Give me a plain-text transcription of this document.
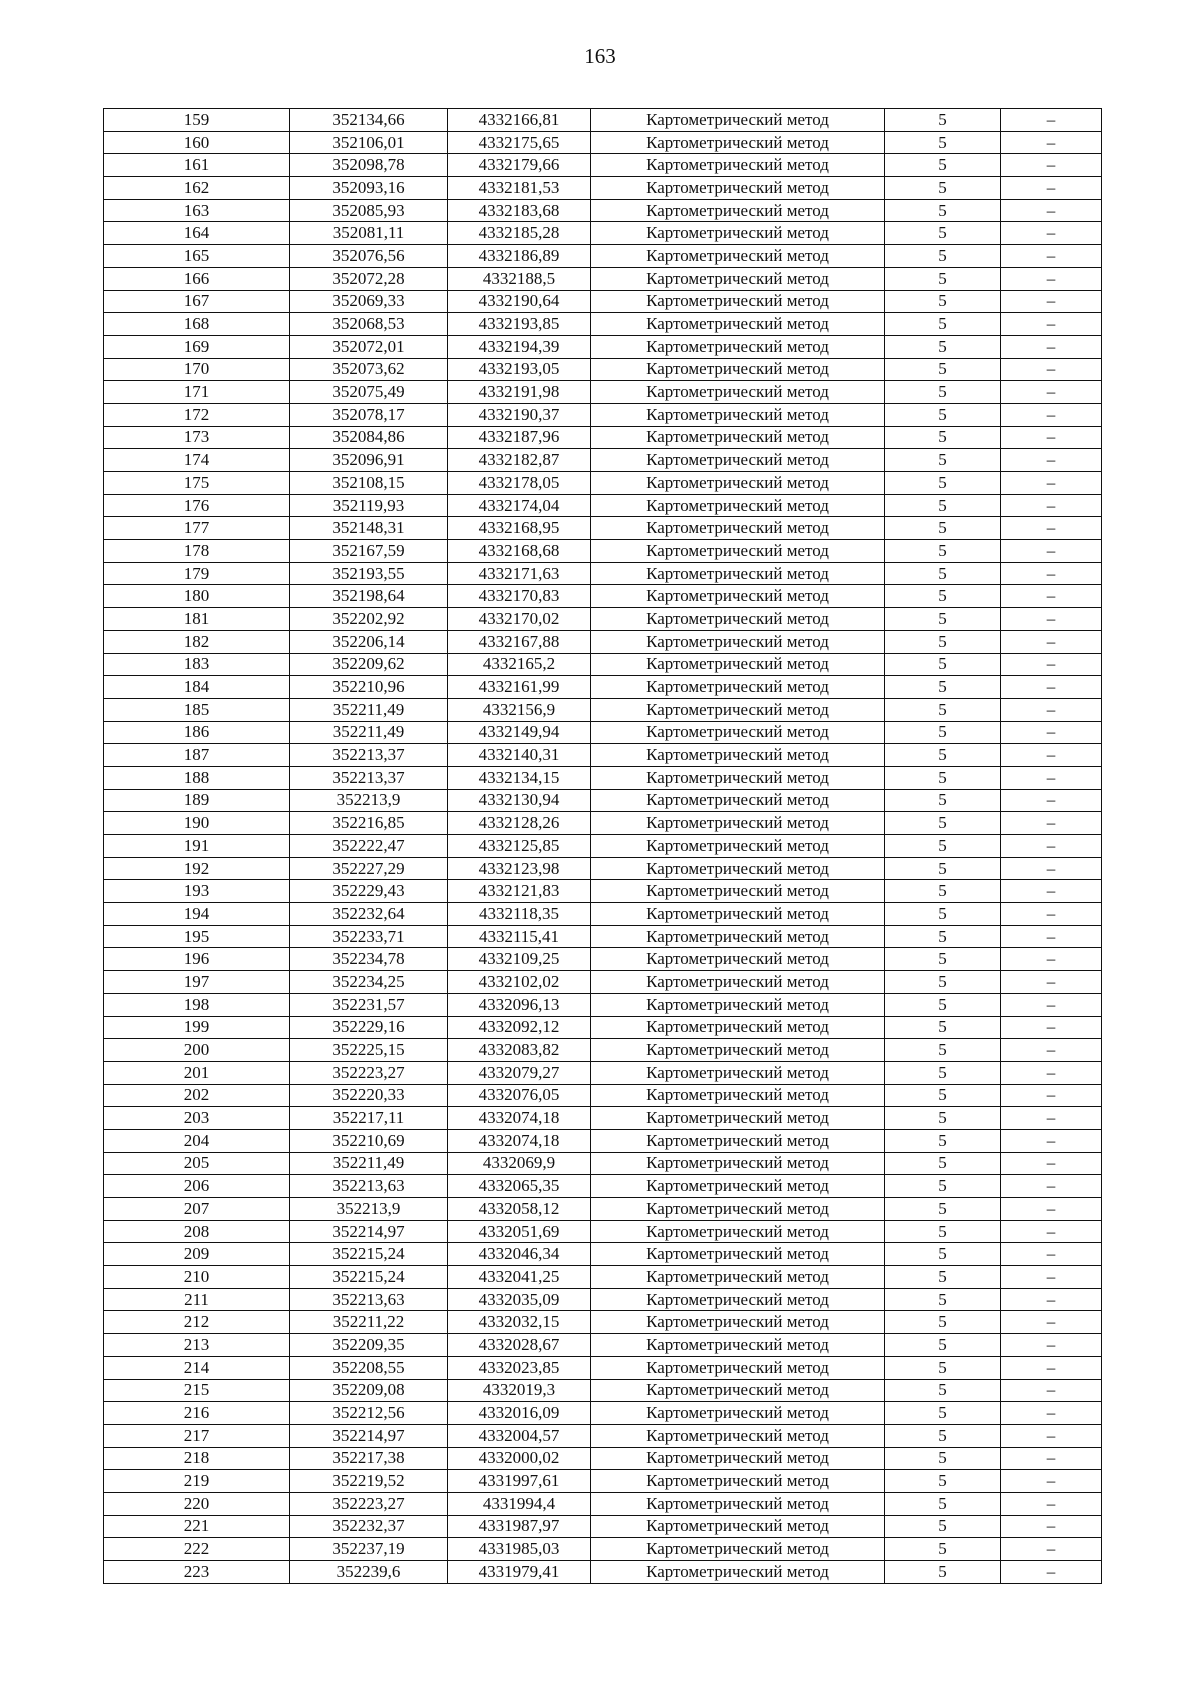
163
159	352134,66	4332166,81	Картометрический метод	5	–
160	352106,01	4332175,65	Картометрический метод	5	–
161	352098,78	4332179,66	Картометрический метод	5	–
162	352093,16	4332181,53	Картометрический метод	5	–
163	352085,93	4332183,68	Картометрический метод	5	–
164	352081,11	4332185,28	Картометрический метод	5	–
165	352076,56	4332186,89	Картометрический метод	5	–
166	352072,28	4332188,5	Картометрический метод	5	–
167	352069,33	4332190,64	Картометрический метод	5	–
168	352068,53	4332193,85	Картометрический метод	5	–
169	352072,01	4332194,39	Картометрический метод	5	–
170	352073,62	4332193,05	Картометрический метод	5	–
171	352075,49	4332191,98	Картометрический метод	5	–
172	352078,17	4332190,37	Картометрический метод	5	–
173	352084,86	4332187,96	Картометрический метод	5	–
174	352096,91	4332182,87	Картометрический метод	5	–
175	352108,15	4332178,05	Картометрический метод	5	–
176	352119,93	4332174,04	Картометрический метод	5	–
177	352148,31	4332168,95	Картометрический метод	5	–
178	352167,59	4332168,68	Картометрический метод	5	–
179	352193,55	4332171,63	Картометрический метод	5	–
180	352198,64	4332170,83	Картометрический метод	5	–
181	352202,92	4332170,02	Картометрический метод	5	–
182	352206,14	4332167,88	Картометрический метод	5	–
183	352209,62	4332165,2	Картометрический метод	5	–
184	352210,96	4332161,99	Картометрический метод	5	–
185	352211,49	4332156,9	Картометрический метод	5	–
186	352211,49	4332149,94	Картометрический метод	5	–
187	352213,37	4332140,31	Картометрический метод	5	–
188	352213,37	4332134,15	Картометрический метод	5	–
189	352213,9	4332130,94	Картометрический метод	5	–
190	352216,85	4332128,26	Картометрический метод	5	–
191	352222,47	4332125,85	Картометрический метод	5	–
192	352227,29	4332123,98	Картометрический метод	5	–
193	352229,43	4332121,83	Картометрический метод	5	–
194	352232,64	4332118,35	Картометрический метод	5	–
195	352233,71	4332115,41	Картометрический метод	5	–
196	352234,78	4332109,25	Картометрический метод	5	–
197	352234,25	4332102,02	Картометрический метод	5	–
198	352231,57	4332096,13	Картометрический метод	5	–
199	352229,16	4332092,12	Картометрический метод	5	–
200	352225,15	4332083,82	Картометрический метод	5	–
201	352223,27	4332079,27	Картометрический метод	5	–
202	352220,33	4332076,05	Картометрический метод	5	–
203	352217,11	4332074,18	Картометрический метод	5	–
204	352210,69	4332074,18	Картометрический метод	5	–
205	352211,49	4332069,9	Картометрический метод	5	–
206	352213,63	4332065,35	Картометрический метод	5	–
207	352213,9	4332058,12	Картометрический метод	5	–
208	352214,97	4332051,69	Картометрический метод	5	–
209	352215,24	4332046,34	Картометрический метод	5	–
210	352215,24	4332041,25	Картометрический метод	5	–
211	352213,63	4332035,09	Картометрический метод	5	–
212	352211,22	4332032,15	Картометрический метод	5	–
213	352209,35	4332028,67	Картометрический метод	5	–
214	352208,55	4332023,85	Картометрический метод	5	–
215	352209,08	4332019,3	Картометрический метод	5	–
216	352212,56	4332016,09	Картометрический метод	5	–
217	352214,97	4332004,57	Картометрический метод	5	–
218	352217,38	4332000,02	Картометрический метод	5	–
219	352219,52	4331997,61	Картометрический метод	5	–
220	352223,27	4331994,4	Картометрический метод	5	–
221	352232,37	4331987,97	Картометрический метод	5	–
222	352237,19	4331985,03	Картометрический метод	5	–
223	352239,6	4331979,41	Картометрический метод	5	–
